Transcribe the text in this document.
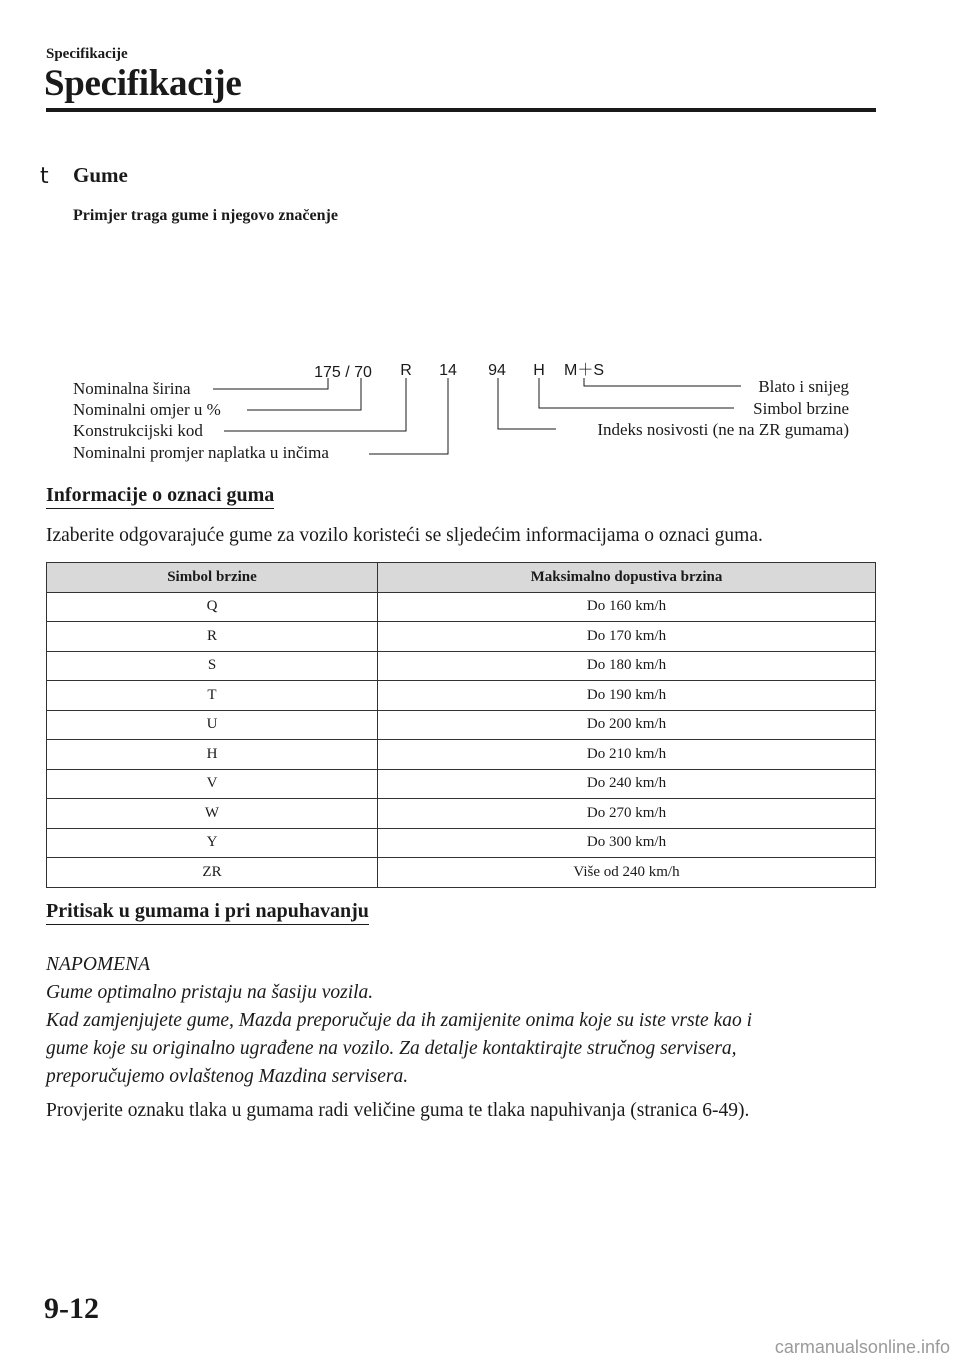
Specifikacije
Specifikacije
t Gume
Primjer traga gume i njegovo značenje
175 / 70 R 14 94 H M＋S
Nominalna širina
Nominalni omjer u %
Konstrukcijski kod
Nominalni promjer naplatka u inčima
Blato i snijeg
Simbol brzine
Indeks nosivosti (ne na ZR gumama)
Informacije o oznaci guma
Izaberite odgovarajuće gume za vozilo koristeći se sljedećim informacijama o oznaci guma.
Simbol brzine	Maksimalno dopustiva brzina
Q	Do 160 km/h
R	Do 170 km/h
S	Do 180 km/h
T	Do 190 km/h
U	Do 200 km/h
H	Do 210 km/h
V	Do 240 km/h
W	Do 270 km/h
Y	Do 300 km/h
ZR	Više od 240 km/h
Pritisak u gumama i pri napuhavanju
NAPOMENA
Gume optimalno pristaju na šasiju vozila.
Kad zamjenjujete gume, Mazda preporučuje da ih zamijenite onima koje su iste vrste kao i
gume koje su originalno ugrađene na vozilo. Za detalje kontaktirajte stručnog servisera,
preporučujemo ovlaštenog Mazdina servisera.
Provjerite oznaku tlaka u gumama radi veličine guma te tlaka napuhivanja (stranica 6-49).
9-12
carmanualsonline.info
